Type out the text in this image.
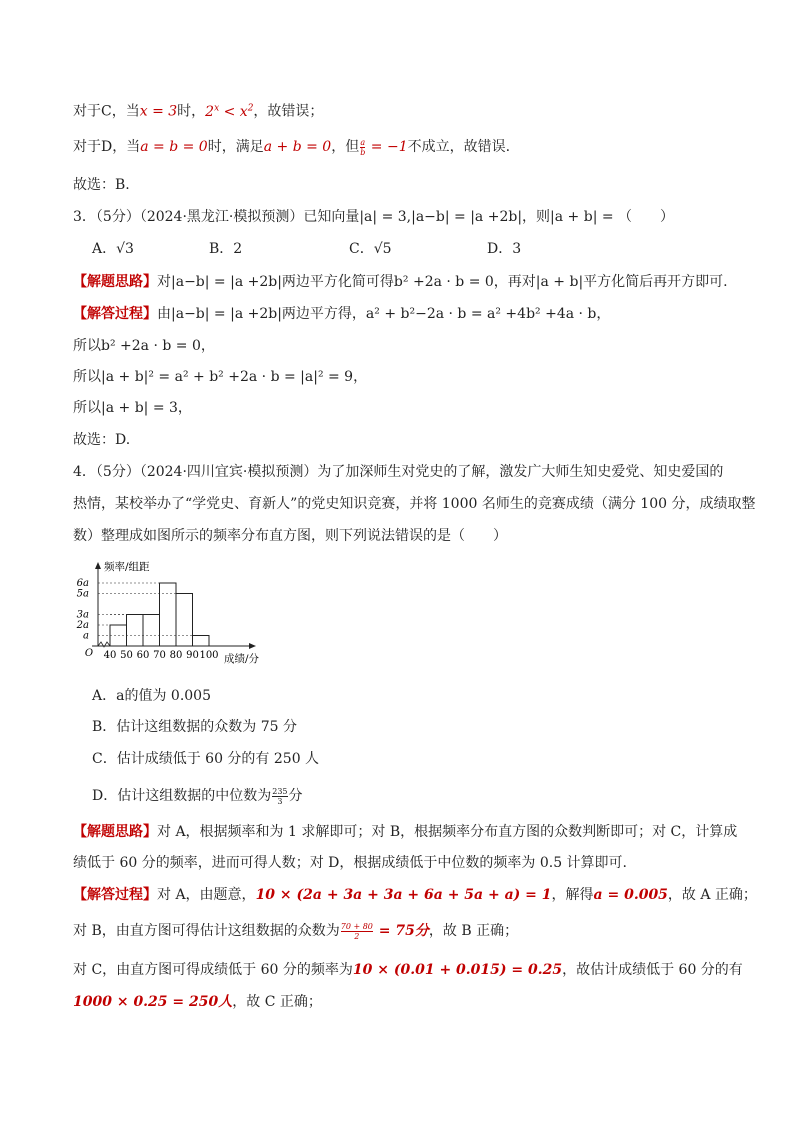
对于C，当x = 3时，$2^x < x^2$，故错误；
对于D，当a = b = 0时，满足a + b = 0，但 $\frac{a}{b} = -1$不成立，故错误.
故选：B.
3．（5分）（2024·黑龙江·模拟预测）已知向量|a| = 3,|a−b| = |a +2b|，则|a + b| = （　　）
A．√3	B．2	C．√5	D．3
【解题思路】对|a−b| = |a +2b|两边平方化简可得b² +2a · b = 0，再对|a + b|平方化简后再开方即可.
【解答过程】由|a−b| = |a +2b|两边平方得，a² + b²−2a · b = a² +4b² +4a · b，
所以b² +2a · b = 0，
所以|a + b|² = a² + b² +2a · b = |a|² = 9，
所以|a + b| = 3，
故选：D.
4．（5分）（2024·四川宜宾·模拟预测）为了加深师生对党史的了解，激发广大师生知史爱党、知史爱国的
热情，某校举办了“学党史、育新人”的党史知识竞赛，并将 1000 名师生的竞赛成绩（满分 100 分，成绩取整
数）整理成如图所示的频率分布直方图，则下列说法错误的是（　　）
6a
5a
3a
2a
a
40 50 60 70 80 90 100
O
频率/组距
成绩/分
A．a的值为 0.005
B．估计这组数据的众数为 75 分
C．估计成绩低于 60 分的有 250 人
D．估计这组数据的中位数为 $\frac{235}{3}$ 分
【解题思路】对 A，根据频率和为 1 求解即可；对 B，根据频率分布直方图的众数判断即可；对 C，计算成
绩低于 60 分的频率，进而可得人数；对 D，根据成绩低于中位数的频率为 0.5 计算即可.
【解答过程】对 A，由题意，10 × (2a + 3a + 3a + 6a + 5a + a) = 1，解得a = 0.005，故 A 正确；
对 B，由直方图可得估计这组数据的众数为 $\frac{70 + 80}{2} = 75$分，故 B 正确；
对 C，由直方图可得成绩低于 60 分的频率为10 × (0.01 + 0.015) = 0.25，故估计成绩低于 60 分的有
1000 × 0.25 = 250人，故 C 正确；
